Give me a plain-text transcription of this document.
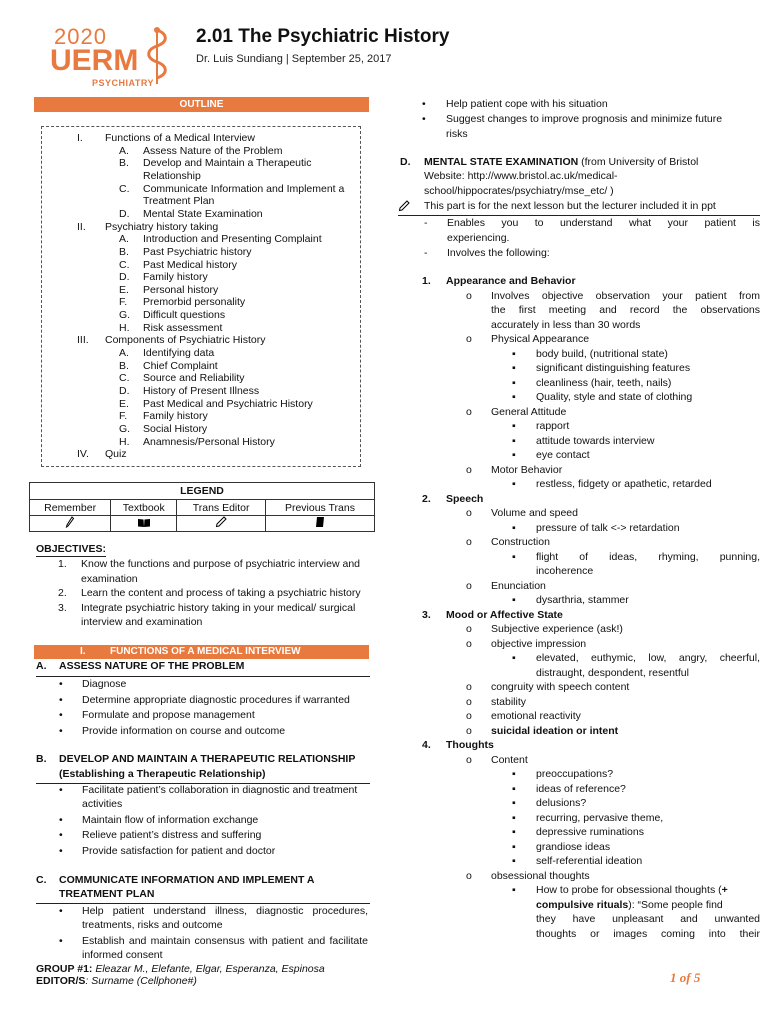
2020
UERM
PSYCHIATRY
2.01 The Psychiatric History
Dr. Luis Sundiang | September 25, 2017
OUTLINE
I. Functions of a Medical Interview
A. Assess Nature of the Problem
B. Develop and Maintain a Therapeutic
Relationship
C. Communicate Information and Implement a
Treatment Plan
D. Mental State Examination
II. Psychiatry history taking
A. Introduction and Presenting Complaint
B. Past Psychiatric history
C. Past Medical history
D. Family history
E. Personal history
F. Premorbid personality
G. Difficult questions
H. Risk assessment
III. Components of Psychiatric History
A. Identifying data
B. Chief Complaint
C. Source and Reliability
D. History of Present Illness
E. Past Medical and Psychiatric History
F. Family history
G. Social History
H. Anamnesis/Personal History
IV. Quiz
LEGEND			
Remember	Textbook	Trans Editor	Previous Trans

OBJECTIVES:
1. Know the functions and purpose of psychiatric interview and
examination
2. Learn the content and process of taking a psychiatric history
3. Integrate psychiatric history taking in your medical/ surgical
interview and examination
I. FUNCTIONS OF A MEDICAL INTERVIEW
A. ASSESS NATURE OF THE PROBLEM
• Diagnose
• Determine appropriate diagnostic procedures if warranted
• Formulate and propose management
• Provide information on course and outcome
B. DEVELOP AND MAINTAIN A THERAPEUTIC RELATIONSHIP
(Establishing a Therapeutic Relationship)
• Facilitate patient’s collaboration in diagnostic and treatment
activities
• Maintain flow of information exchange
• Relieve patient’s distress and suffering
• Provide satisfaction for patient and doctor
C. COMMUNICATE INFORMATION AND IMPLEMENT A
TREATMENT PLAN
• Help patient understand illness, diagnostic procedures,
treatments, risks and outcome
• Establish and maintain consensus with patient and facilitate
informed consent
• Help patient cope with his situation
• Suggest changes to improve prognosis and minimize future
risks
D. MENTAL STATE EXAMINATION (from University of Bristol
Website: http://www.bristol.ac.uk/medical-
school/hippocrates/psychiatry/mse_etc/ )
This part is for the next lesson but the lecturer included it in ppt
- Enables you to understand what your patient is
experiencing.
- Involves the following:
1. Appearance and Behavior
o Involves objective observation your patient from
the first meeting and record the observations
accurately in less than 30 words
o Physical Appearance
▪ body build, (nutritional state)
▪ significant distinguishing features
▪ cleanliness (hair, teeth, nails)
▪ Quality, style and state of clothing
o General Attitude
▪ rapport
▪ attitude towards interview
▪ eye contact
o Motor Behavior
▪ restless, fidgety or apathetic, retarded
2. Speech
o Volume and speed
▪ pressure of talk <-> retardation
o Construction
▪ flight of ideas, rhyming, punning,
incoherence
o Enunciation
▪ dysarthria, stammer
3. Mood or Affective State
o Subjective experience (ask!)
o objective impression
▪ elevated, euthymic, low, angry, cheerful,
distraught, despondent, resentful
o congruity with speech content
o stability
o emotional reactivity
o suicidal ideation or intent
4. Thoughts
o Content
▪ preoccupations?
▪ ideas of reference?
▪ delusions?
▪ recurring, pervasive theme,
▪ depressive ruminations
▪ grandiose ideas
▪ self-referential ideation
o obsessional thoughts
▪ How to probe for obsessional thoughts (+
compulsive rituals): “Some people find
they have unpleasant and unwanted
thoughts or images coming into their
GROUP #1: Eleazar M., Elefante, Elgar, Esperanza, Espinosa
EDITOR/S: Surname (Cellphone#)	1 of 5
